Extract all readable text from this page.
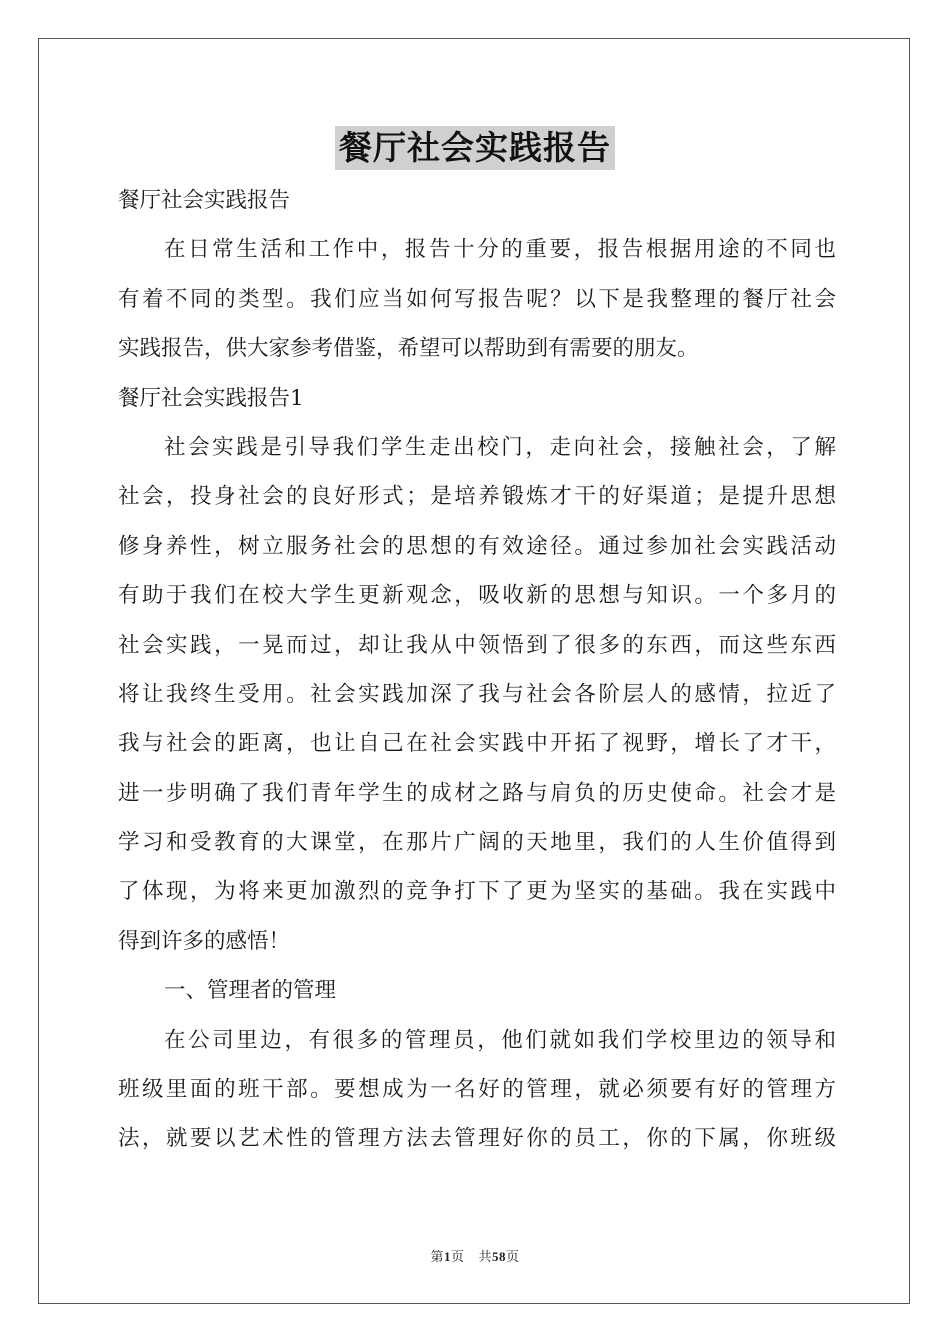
餐厅社会实践报告
餐厅社会实践报告
在日常生活和工作中，报告十分的重要，报告根据用途的不同也
有着不同的类型。我们应当如何写报告呢？以下是我整理的餐厅社会
实践报告，供大家参考借鉴，希望可以帮助到有需要的朋友。
餐厅社会实践报告1
社会实践是引导我们学生走出校门，走向社会，接触社会，了解
社会，投身社会的良好形式；是培养锻炼才干的好渠道；是提升思想
修身养性，树立服务社会的思想的有效途径。通过参加社会实践活动
有助于我们在校大学生更新观念，吸收新的思想与知识。一个多月的
社会实践，一晃而过，却让我从中领悟到了很多的东西，而这些东西
将让我终生受用。社会实践加深了我与社会各阶层人的感情，拉近了
我与社会的距离，也让自己在社会实践中开拓了视野，增长了才干，
进一步明确了我们青年学生的成材之路与肩负的历史使命。社会才是
学习和受教育的大课堂，在那片广阔的天地里，我们的人生价值得到
了体现，为将来更加激烈的竞争打下了更为坚实的基础。我在实践中
得到许多的感悟！
一、管理者的管理
在公司里边，有很多的管理员，他们就如我们学校里边的领导和
班级里面的班干部。要想成为一名好的管理，就必须要有好的管理方
法，就要以艺术性的管理方法去管理好你的员工，你的下属，你班级
第1页 共58页
